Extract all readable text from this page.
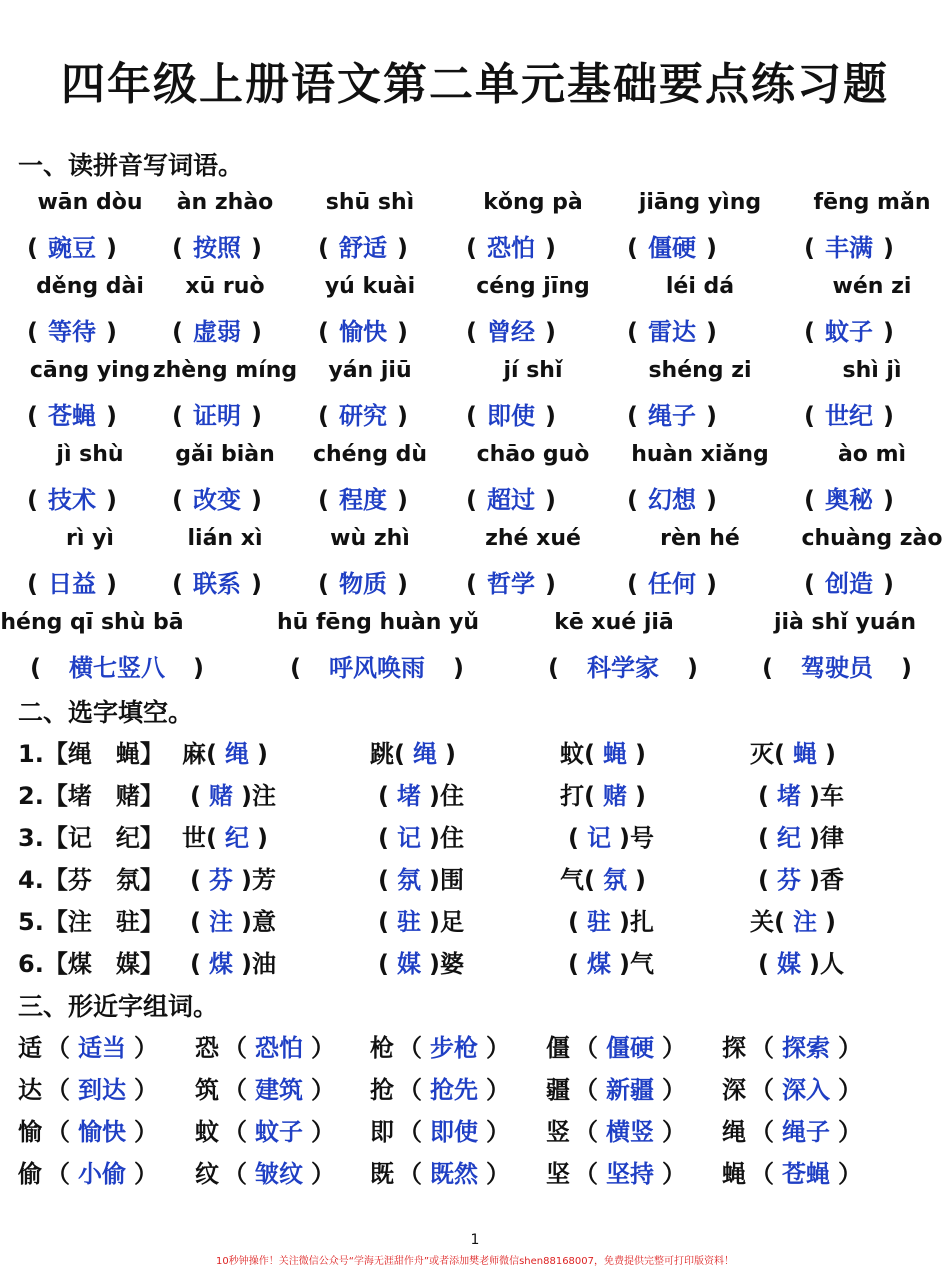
四年级上册语文第二单元基础要点练习题
一、读拼音写词语。
wān dòu
( 豌豆 )
àn zhào
( 按照 )
shū shì
( 舒适 )
kǒng pà
( 恐怕 )
jiāng yìng
( 僵硬 )
fēng mǎn
( 丰满 )
děng dài
( 等待 )
xū ruò
( 虚弱 )
yú kuài
( 愉快 )
céng jīng
( 曾经 )
léi dá
( 雷达 )
wén zi
( 蚊子 )
cāng ying
( 苍蝇 )
zhèng míng
( 证明 )
yán jiū
( 研究 )
jí shǐ
( 即使 )
shéng zi
( 绳子 )
shì jì
( 世纪 )
jì shù
( 技术 )
gǎi biàn
( 改变 )
chéng dù
( 程度 )
chāo guò
( 超过 )
huàn xiǎng
( 幻想 )
ào mì
( 奥秘 )
rì yì
( 日益 )
lián xì
( 联系 )
wù zhì
( 物质 )
zhé xué
( 哲学 )
rèn hé
( 任何 )
chuàng zào
( 创造 )
héng qī shù bā
( 横七竖八 )
hū fēng huàn yǔ
( 呼风唤雨 )
kē xué jiā
( 科学家 )
jià shǐ yuán
( 驾驶员 )
二、选字填空。
1.【绳　蝇】 麻( 绳 )	跳( 绳 )	蚊( 蝇 )	灭( 蝇 )
2.【堵　赌】	( 赌 )注	( 堵 )住	打( 赌 )	( 堵 )车
3.【记　纪】 世( 纪 )	( 记 )住	( 记 )号	( 纪 )律
4.【芬　氛】	( 芬 )芳	( 氛 )围	气( 氛 )	( 芬 )香
5.【注　驻】	( 注 )意	( 驻 )足	( 驻 )扎	关( 注 )
6.【煤　媒】	( 煤 )油	( 媒 )婆	( 煤 )气	( 媒 )人
三、形近字组词。
适 （ 适当 ） 恐 （ 恐怕 ） 枪 （ 步枪 ） 僵 （ 僵硬 ） 探 （ 探索 ）
达 （ 到达 ） 筑 （ 建筑 ） 抢 （ 抢先 ） 疆 （ 新疆 ） 深 （ 深入 ）
愉 （ 愉快 ） 蚊 （ 蚊子 ） 即 （ 即使 ） 竖 （ 横竖 ） 绳 （ 绳子 ）
偷 （ 小偷 ） 纹 （ 皱纹 ） 既 （ 既然 ） 坚 （ 坚持 ） 蝇 （ 苍蝇 ）
1
10秒钟操作！关注微信公众号“学海无涯甜作舟”或者添加樊老师微信shen88168007，免费提供完整可打印版资料！
